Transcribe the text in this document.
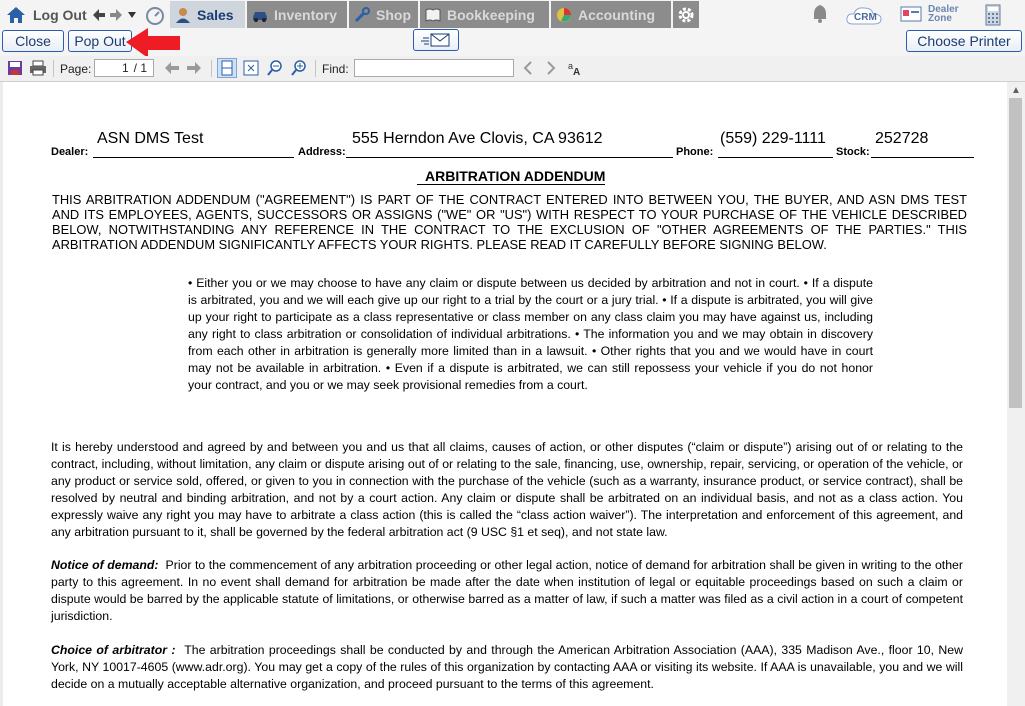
Log Out	Sales	Inventory	Shop	Bookkeeping	Accounting	CRM
Dealer Zone
Close	Pop Out	Choose Printer
Page:	1 / 1	Find:	a
A
Dealer:
ASN DMS Test
Address:
555 Herndon Ave Clovis, CA 93612
Phone:
(559) 229-1111
Stock:
252728
ARBITRATION ADDENDUM
THIS ARBITRATION ADDENDUM ("AGREEMENT") IS PART OF THE CONTRACT ENTERED INTO BETWEEN YOU, THE BUYER, AND ASN DMS TEST AND ITS EMPLOYEES, AGENTS, SUCCESSORS OR ASSIGNS ("WE" OR "US") WITH RESPECT TO YOUR PURCHASE OF THE VEHICLE DESCRIBED BELOW, NOTWITHSTANDING ANY REFERENCE IN THE CONTRACT TO THE EXCLUSION OF "OTHER AGREEMENTS OF THE PARTIES." THIS ARBITRATION ADDENDUM SIGNIFICANTLY AFFECTS YOUR RIGHTS. PLEASE READ IT CAREFULLY BEFORE SIGNING BELOW.
• Either you or we may choose to have any claim or dispute between us decided by arbitration and not in court. • If a dispute is arbitrated, you and we will each give up our right to a trial by the court or a jury trial. • If a dispute is arbitrated, you will give up your right to participate as a class representative or class member on any class claim you may have against us, including any right to class arbitration or consolidation of individual arbitrations. • The information you and we may obtain in discovery from each other in arbitration is generally more limited than in a lawsuit. • Other rights that you and we would have in court may not be available in arbitration. • Even if a dispute is arbitrated, we can still repossess your vehicle if you do not honor your contract, and you or we may seek provisional remedies from a court.
It is hereby understood and agreed by and between you and us that all claims, causes of action, or other disputes (“claim or dispute”) arising out of or relating to the contract, including, without limitation, any claim or dispute arising out of or relating to the sale, financing, use, ownership, repair, servicing, or operation of the vehicle, or any product or service sold, offered, or given to you in connection with the purchase of the vehicle (such as a warranty, insurance product, or service contract), shall be resolved by neutral and binding arbitration, and not by a court action. Any claim or dispute shall be arbitrated on an individual basis, and not as a class action. You expressly waive any right you may have to arbitrate a class action (this is called the “class action waiver”). The interpretation and enforcement of this agreement, and any arbitration pursuant to it, shall be governed by the federal arbitration act (9 USC §1 et seq), and not state law.
Notice of demand: Prior to the commencement of any arbitration proceeding or other legal action, notice of demand for arbitration shall be given in writing to the other party to this agreement. In no event shall demand for arbitration be made after the date when institution of legal or equitable proceedings based on such a claim or dispute would be barred by the applicable statute of limitations, or otherwise barred as a matter of law, if such a matter was filed as a civil action in a court of competent jurisdiction.
Choice of arbitrator : The arbitration proceedings shall be conducted by and through the American Arbitration Association (AAA), 335 Madison Ave., floor 10, New York, NY 10017-4605 (www.adr.org). You may get a copy of the rules of this organization by contacting AAA or visiting its website. If AAA is unavailable, you and we will decide on a mutually acceptable alternative organization, and proceed pursuant to the terms of this agreement.
▲
